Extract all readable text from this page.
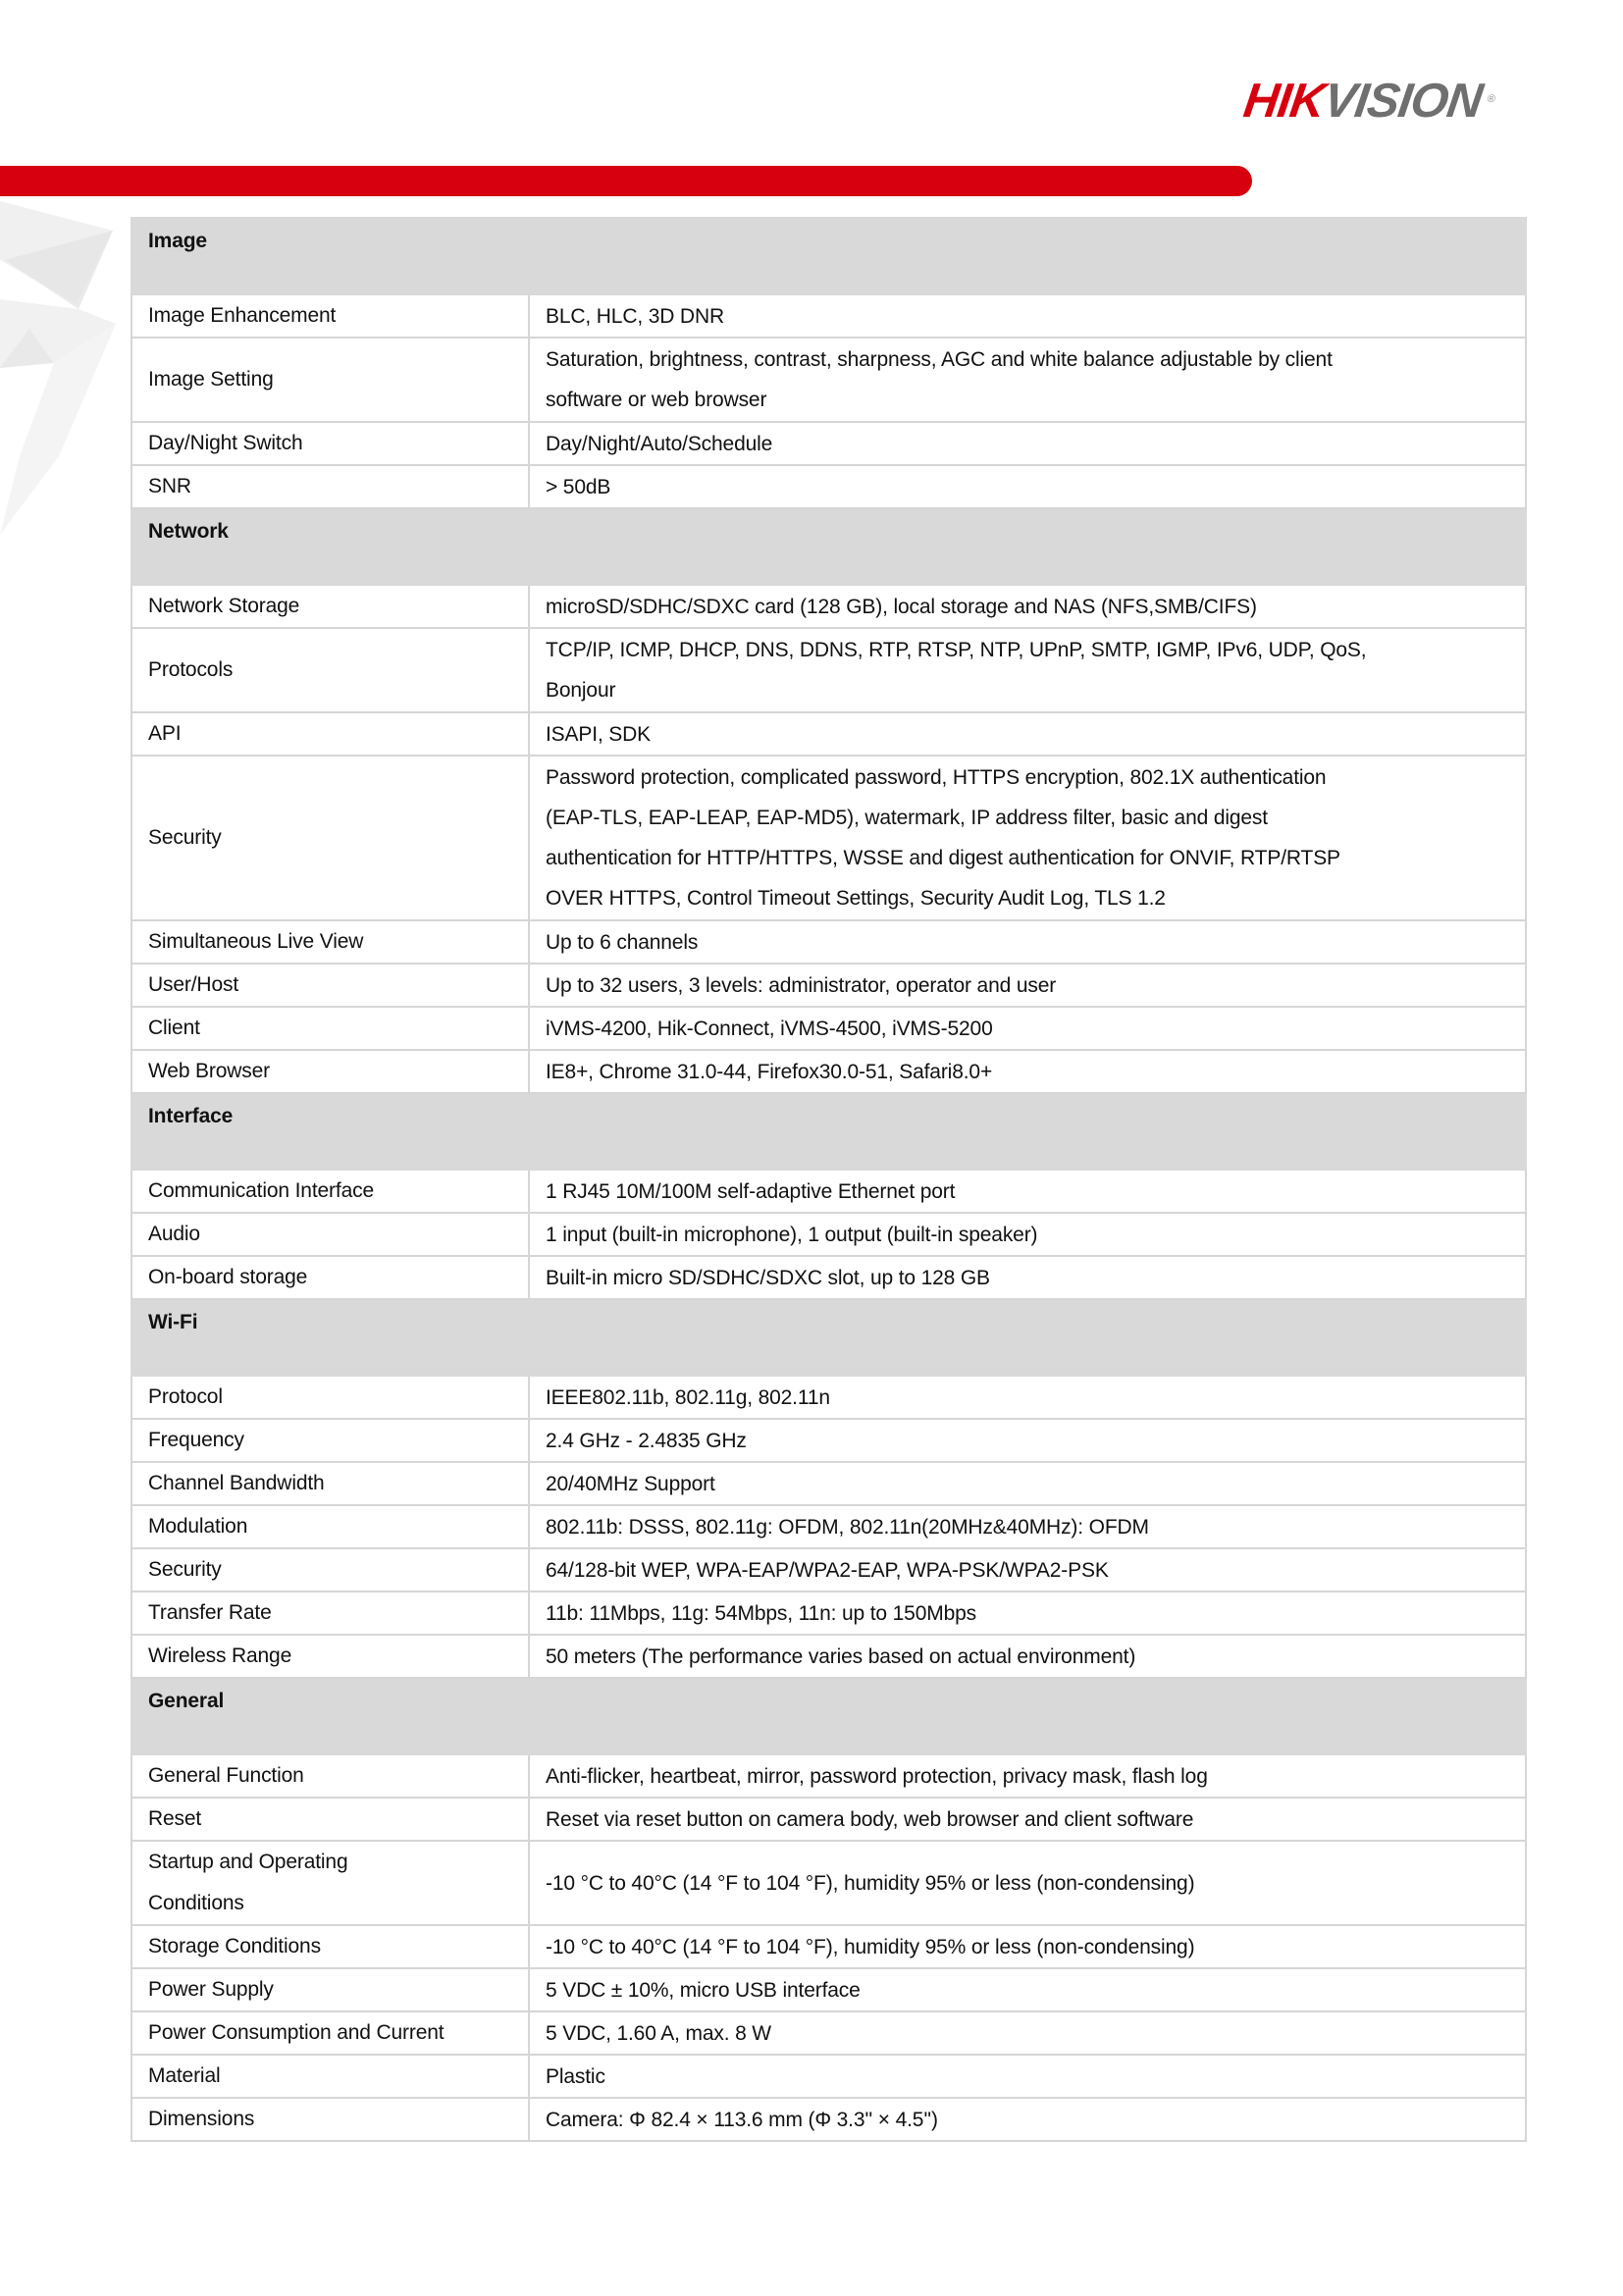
HIKVISION ®
Image	

Image Enhancement	BLC, HLC, 3D DNR

Image Setting	Saturation, brightness, contrast, sharpness, AGC and white balance adjustable by client
software or web browser

Day/Night Switch	Day/Night/Auto/Schedule

SNR	> 50dB

Network	

Network Storage	microSD/SDHC/SDXC card (128 GB), local storage and NAS (NFS,SMB/CIFS)

Protocols	TCP/IP, ICMP, DHCP, DNS, DDNS, RTP, RTSP, NTP, UPnP, SMTP, IGMP, IPv6, UDP, QoS,
Bonjour

API	ISAPI, SDK

Security	Password protection, complicated password, HTTPS encryption, 802.1X authentication
(EAP-TLS, EAP-LEAP, EAP-MD5), watermark, IP address filter, basic and digest
authentication for HTTP/HTTPS, WSSE and digest authentication for ONVIF, RTP/RTSP
OVER HTTPS, Control Timeout Settings, Security Audit Log, TLS 1.2

Simultaneous Live View	Up to 6 channels

User/Host	Up to 32 users, 3 levels: administrator, operator and user

Client	iVMS-4200, Hik-Connect, iVMS-4500, iVMS-5200

Web Browser	IE8+, Chrome 31.0-44, Firefox30.0-51, Safari8.0+

Interface	

Communication Interface	1 RJ45 10M/100M self-adaptive Ethernet port

Audio	1 input (built-in microphone), 1 output (built-in speaker)

On-board storage	Built-in micro SD/SDHC/SDXC slot, up to 128 GB

Wi-Fi	

Protocol	IEEE802.11b, 802.11g, 802.11n

Frequency	2.4 GHz - 2.4835 GHz

Channel Bandwidth	20/40MHz Support

Modulation	802.11b: DSSS, 802.11g: OFDM, 802.11n(20MHz&40MHz): OFDM

Security	64/128-bit WEP, WPA-EAP/WPA2-EAP, WPA-PSK/WPA2-PSK

Transfer Rate	11b: 11Mbps, 11g: 54Mbps, 11n: up to 150Mbps

Wireless Range	50 meters (The performance varies based on actual environment)

General	

General Function	Anti-flicker, heartbeat, mirror, password protection, privacy mask, flash log

Reset	Reset via reset button on camera body, web browser and client software

Startup and Operating
Conditions	-10 °C to 40°C (14 °F to 104 °F), humidity 95% or less (non-condensing)

Storage Conditions	-10 °C to 40°C (14 °F to 104 °F), humidity 95% or less (non-condensing)

Power Supply	5 VDC ± 10%, micro USB interface

Power Consumption and Current	5 VDC, 1.60 A, max. 8 W

Material	Plastic

Dimensions	Camera: Φ 82.4 × 113.6 mm (Φ 3.3'' × 4.5'')
